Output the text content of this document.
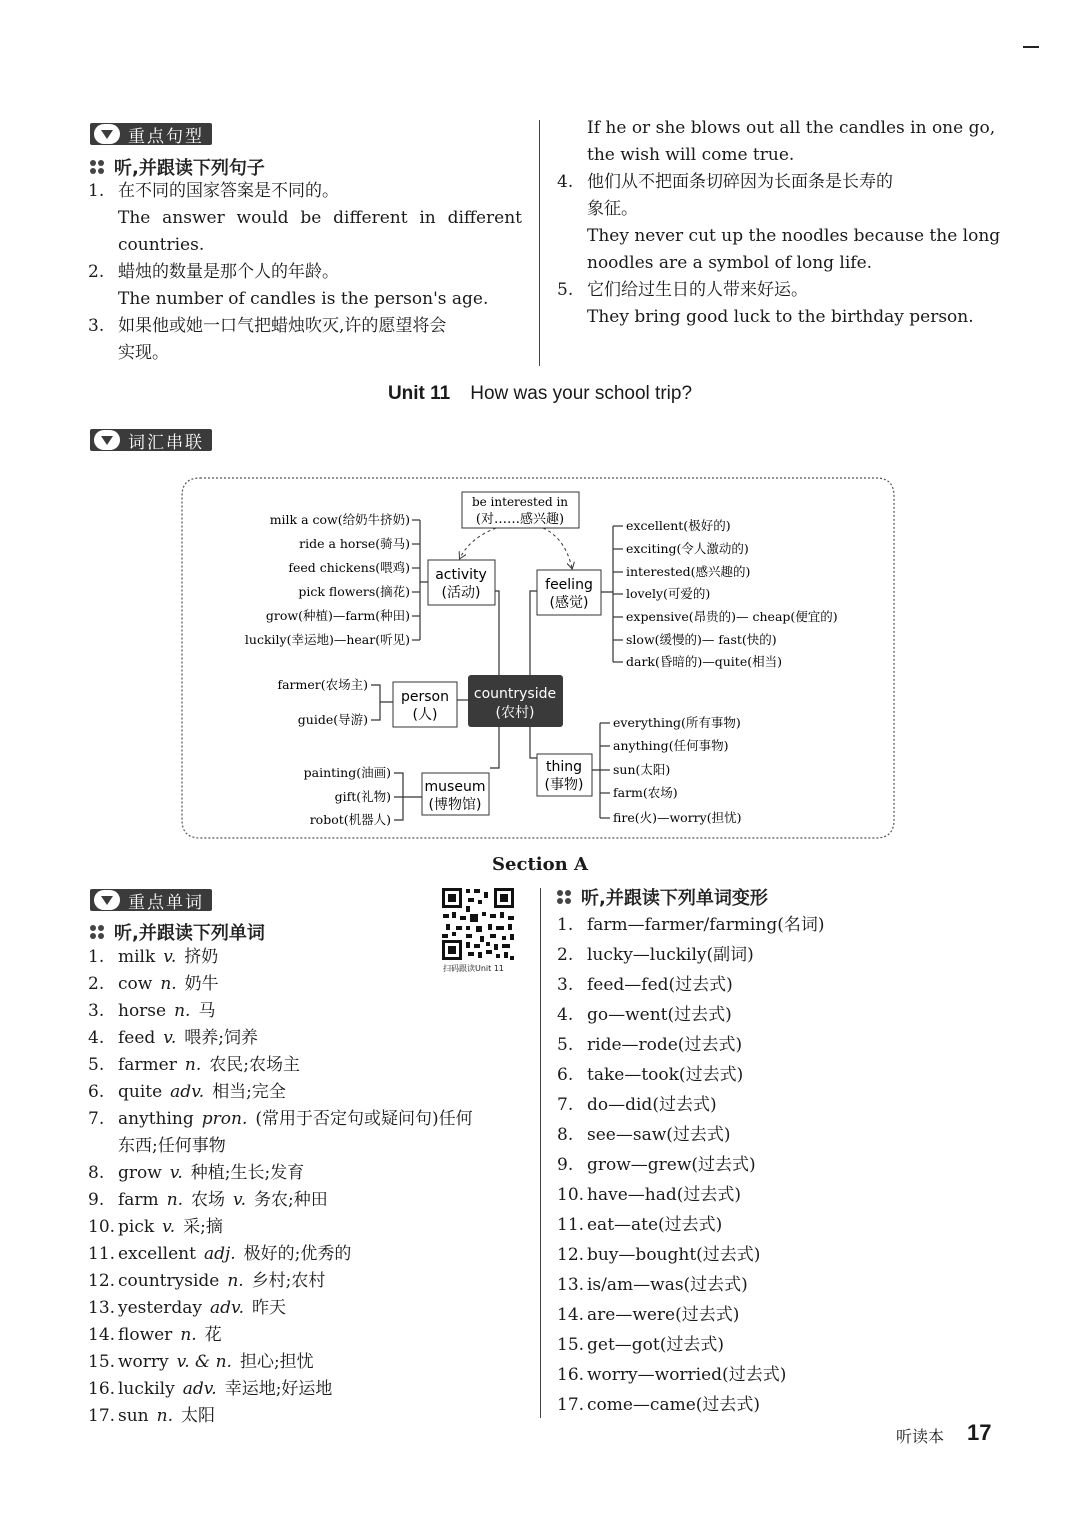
重点句型
听,并跟读下列句子
1. 在不同的国家答案是不同的。
The answer would be different in different
countries.
2. 蜡烛的数量是那个人的年龄。
The number of candles is the person's age.
3. 如果他或她一口气把蜡烛吹灭,许的愿望将会
实现。
If he or she blows out all the candles in one go,
the wish will come true.
4. 他们从不把面条切碎因为长面条是长寿的
象征。
They never cut up the noodles because the long
noodles are a symbol of long life.
5. 它们给过生日的人带来好运。
They bring good luck to the birthday person.
Unit 11 How was your school trip?
词汇串联
be interested in
(对……感兴趣)
countryside
(农村)
activity
(活动)
milk a cow(给奶牛挤奶)
ride a horse(骑马)
feed chickens(喂鸡)
pick flowers(摘花)
grow(种植)—farm(种田)
luckily(幸运地)—hear(听见)
feeling
(感觉)
excellent(极好的)
exciting(令人激动的)
interested(感兴趣的)
lovely(可爱的)
expensive(昂贵的)— cheap(便宜的)
slow(缓慢的)— fast(快的)
dark(昏暗的)—quite(相当)
person
(人)
farmer(农场主)
guide(导游)
museum
(博物馆)
painting(油画)
gift(礼物)
robot(机器人)
thing
(事物)
everything(所有事物)
anything(任何事物)
sun(太阳)
farm(农场)
fire(火)—worry(担忧)
Section A
重点单词
听,并跟读下列单词
扫码跟读Unit 11
1. milk v. 挤奶
2. cow n. 奶牛
3. horse n. 马
4. feed v. 喂养;饲养
5. farmer n. 农民;农场主
6. quite adv. 相当;完全
7. anything pron. (常用于否定句或疑问句)任何
东西;任何事物
8. grow v. 种植;生长;发育
9. farm n. 农场 v. 务农;种田
10. pick v. 采;摘
11. excellent adj. 极好的;优秀的
12. countryside n. 乡村;农村
13. yesterday adv. 昨天
14. flower n. 花
15. worry v. & n. 担心;担忧
16. luckily adv. 幸运地;好运地
17. sun n. 太阳
听,并跟读下列单词变形
1. farm—farmer/farming(名词)
2. lucky—luckily(副词)
3. feed—fed(过去式)
4. go—went(过去式)
5. ride—rode(过去式)
6. take—took(过去式)
7. do—did(过去式)
8. see—saw(过去式)
9. grow—grew(过去式)
10. have—had(过去式)
11. eat—ate(过去式)
12. buy—bought(过去式)
13. is/am—was(过去式)
14. are—were(过去式)
15. get—got(过去式)
16. worry—worried(过去式)
17. come—came(过去式)
听读本 17
